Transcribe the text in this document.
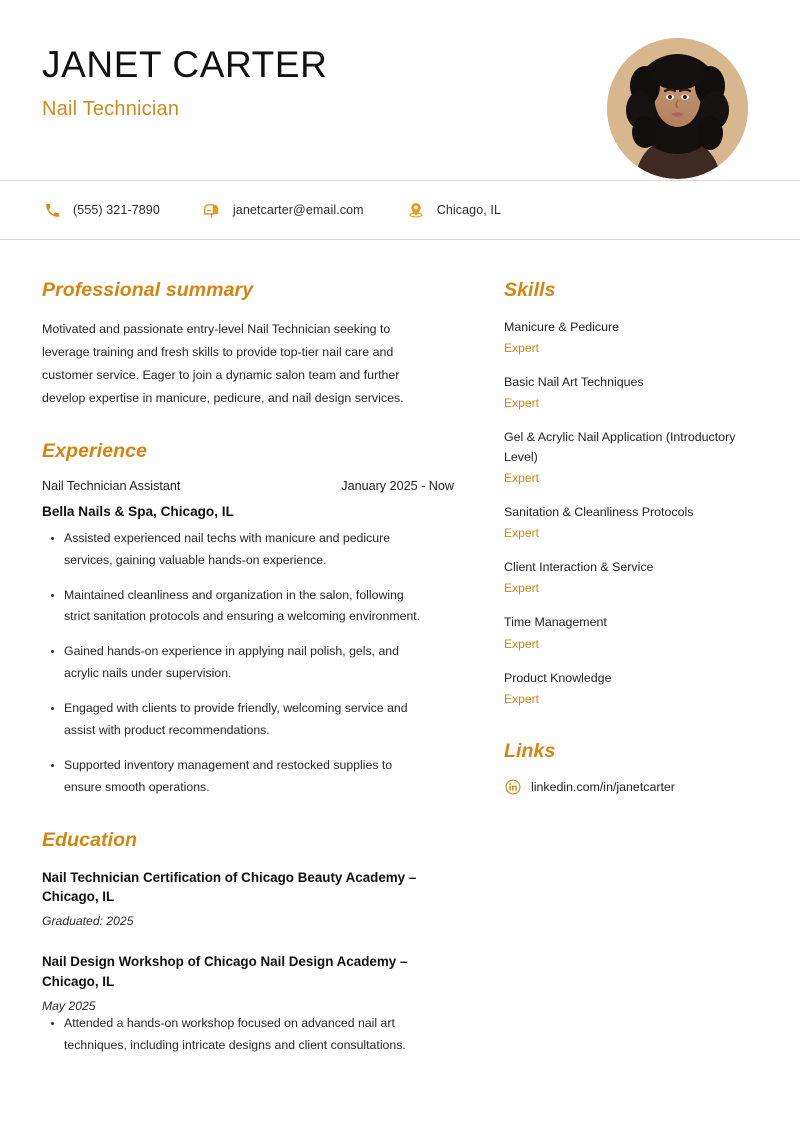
JANET CARTER
Nail Technician
(555) 321-7890	janetcarter@email.com	Chicago, IL
Professional summary
Motivated and passionate entry-level Nail Technician seeking to leverage training and fresh skills to provide top-tier nail care and customer service. Eager to join a dynamic salon team and further develop expertise in manicure, pedicure, and nail design services.
Experience
Nail Technician Assistant	January 2025 - Now
Bella Nails & Spa, Chicago, IL
Assisted experienced nail techs with manicure and pedicure services, gaining valuable hands-on experience.
Maintained cleanliness and organization in the salon, following strict sanitation protocols and ensuring a welcoming environment.
Gained hands-on experience in applying nail polish, gels, and acrylic nails under supervision.
Engaged with clients to provide friendly, welcoming service and assist with product recommendations.
Supported inventory management and restocked supplies to ensure smooth operations.
Education
Nail Technician Certification of Chicago Beauty Academy – Chicago, IL
Graduated: 2025
Nail Design Workshop of Chicago Nail Design Academy – Chicago, IL
May 2025
Attended a hands-on workshop focused on advanced nail art techniques, including intricate designs and client consultations.
Skills
Manicure & Pedicure
Expert
Basic Nail Art Techniques
Expert
Gel & Acrylic Nail Application (Introductory Level)
Expert
Sanitation & Cleanliness Protocols
Expert
Client Interaction & Service
Expert
Time Management
Expert
Product Knowledge
Expert
Links
linkedin.com/in/janetcarter
